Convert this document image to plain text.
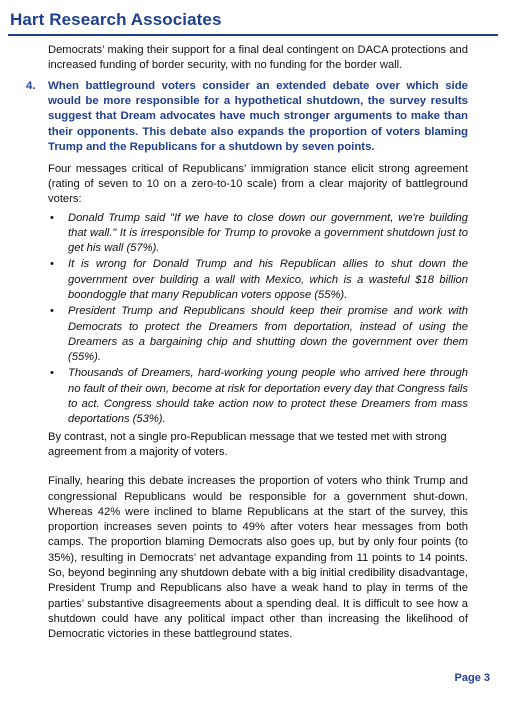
Hart Research Associates

Democrats’ making their support for a final deal contingent on DACA protections and increased funding of border security, with no funding for the border wall.

4. When battleground voters consider an extended debate over which side would be more responsible for a hypothetical shutdown, the survey results suggest that Dream advocates have much stronger arguments to make than their opponents. This debate also expands the proportion of voters blaming Trump and the Republicans for a shutdown by seven points.

Four messages critical of Republicans’ immigration stance elicit strong agreement (rating of seven to 10 on a zero-to-10 scale) from a clear majority of battleground voters:

• Donald Trump said "If we have to close down our government, we're building that wall." It is irresponsible for Trump to provoke a government shutdown just to get his wall (57%).
• It is wrong for Donald Trump and his Republican allies to shut down the government over building a wall with Mexico, which is a wasteful $18 billion boondoggle that many Republican voters oppose (55%).
• President Trump and Republicans should keep their promise and work with Democrats to protect the Dreamers from deportation, instead of using the Dreamers as a bargaining chip and shutting down the government over them (55%).
• Thousands of Dreamers, hard-working young people who arrived here through no fault of their own, become at risk for deportation every day that Congress fails to act. Congress should take action now to protect these Dreamers from mass deportations (53%).

By contrast, not a single pro-Republican message that we tested met with strong agreement from a majority of voters.

Finally, hearing this debate increases the proportion of voters who think Trump and congressional Republicans would be responsible for a government shut-down. Whereas 42% were inclined to blame Republicans at the start of the survey, this proportion increases seven points to 49% after voters hear messages from both camps. The proportion blaming Democrats also goes up, but by only four points (to 35%), resulting in Democrats’ net advantage expanding from 11 points to 14 points. So, beyond beginning any shutdown debate with a big initial credibility disadvantage, President Trump and Republicans also have a weak hand to play in terms of the parties’ substantive disagreements about a spending deal. It is difficult to see how a shutdown could have any political impact other than increasing the likelihood of Democratic victories in these battleground states.

Page 3
